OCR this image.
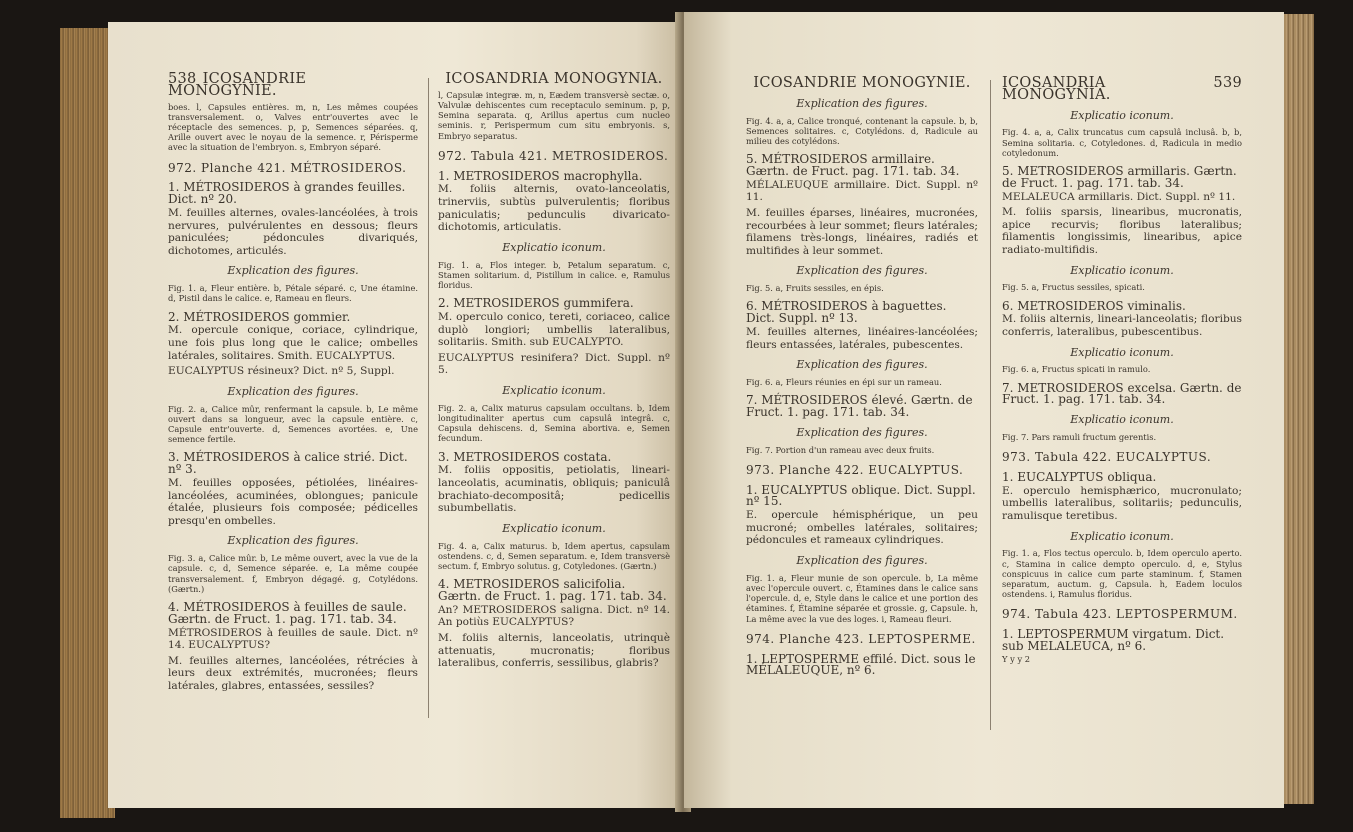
538 ICOSANDRIE MONOGYNIE.
boes. l, Capsules entières. m, n, Les mêmes coupées transversalement. o, Valves entr'ouvertes avec le réceptacle des semences. p, p, Semences séparées. q, Arille ouvert avec le noyau de la semence. r, Périsperme avec la situation de l'embryon. s, Embryon séparé.
972. Planche 421. MÉTROSIDEROS.
1. MÉTROSIDEROS à grandes feuilles. Dict. nº 20.
M. feuilles alternes, ovales-lancéolées, à trois nervures, pulvérulentes en dessous; fleurs paniculées; pédoncules divariqués, dichotomes, articulés.
Explication des figures.
Fig. 1. a, Fleur entière. b, Pétale séparé. c, Une étamine. d, Pistil dans le calice. e, Rameau en fleurs.
2. MÉTROSIDEROS gommier.
M. opercule conique, coriace, cylindrique, une fois plus long que le calice; ombelles latérales, solitaires. Smith. EUCALYPTUS.
EUCALYPTUS résineux? Dict. nº 5, Suppl.
Explication des figures.
Fig. 2. a, Calice mûr, renfermant la capsule. b, Le même ouvert dans sa longueur, avec la capsule entière. c, Capsule entr'ouverte. d, Semences avortées. e, Une semence fertile.
3. MÉTROSIDEROS à calice strié. Dict. nº 3.
M. feuilles opposées, pétiolées, linéaires-lancéolées, acuminées, oblongues; panicule étalée, plusieurs fois composée; pédicelles presqu'en ombelles.
Explication des figures.
Fig. 3. a, Calice mûr. b, Le même ouvert, avec la vue de la capsule. c, d, Semence séparée. e, La même coupée transversalement. f, Embryon dégagé. g, Cotylédons. (Gærtn.)
4. MÉTROSIDEROS à feuilles de saule. Gærtn. de Fruct. 1. pag. 171. tab. 34.
MÉTROSIDEROS à feuilles de saule. Dict. nº 14. EUCALYPTUS?
M. feuilles alternes, lancéolées, rétrécies à leurs deux extrémités, mucronées; fleurs latérales, glabres, entassées, sessiles?
ICOSANDRIA MONOGYNIA.
l, Capsulæ integræ. m, n, Eædem transversè sectæ. o, Valvulæ dehiscentes cum receptaculo seminum. p, p, Semina separata. q, Arillus apertus cum nucleo seminis. r, Perispermum cum situ embryonis. s, Embryo separatus.
972. Tabula 421. METROSIDEROS.
1. METROSIDEROS macrophylla.
M. foliis alternis, ovato-lanceolatis, trinerviis, subtùs pulverulentis; floribus paniculatis; pedunculis divaricato-dichotomis, articulatis.
Explicatio iconum.
Fig. 1. a, Flos integer. b, Petalum separatum. c, Stamen solitarium. d, Pistillum in calice. e, Ramulus floridus.
2. METROSIDEROS gummifera.
M. operculo conico, tereti, coriaceo, calice duplò longiori; umbellis lateralibus, solitariis. Smith. sub EUCALYPTO.
EUCALYPTUS resinifera? Dict. Suppl. nº 5.
Explicatio iconum.
Fig. 2. a, Calix maturus capsulam occultans. b, Idem longitudinaliter apertus cum capsulâ integrâ. c, Capsula dehiscens. d, Semina abortiva. e, Semen fecundum.
3. METROSIDEROS costata.
M. foliis oppositis, petiolatis, lineari-lanceolatis, acuminatis, obliquis; paniculâ brachiato-decompositâ; pedicellis subumbellatis.
Explicatio iconum.
Fig. 4. a, Calix maturus. b, Idem apertus, capsulam ostendens. c, d, Semen separatum. e, Idem transversè sectum. f, Embryo solutus. g, Cotyledones. (Gærtn.)
4. METROSIDEROS salicifolia. Gærtn. de Fruct. 1. pag. 171. tab. 34.
An? METROSIDEROS saligna. Dict. nº 14. An potiùs EUCALYPTUS?
M. foliis alternis, lanceolatis, utrinquè attenuatis, mucronatis; floribus lateralibus, conferris, sessilibus, glabris?
ICOSANDRIE MONOGYNIE.
Explication des figures.
Fig. 4. a, a, Calice tronqué, contenant la capsule. b, b, Semences solitaires. c, Cotylédons. d, Radicule au milieu des cotylédons.
5. MÉTROSIDEROS armillaire. Gærtn. de Fruct. pag. 171. tab. 34.
MÉLALEUQUE armillaire. Dict. Suppl. nº 11.
M. feuilles éparses, linéaires, mucronées, recourbées à leur sommet; fleurs latérales; filamens très-longs, linéaires, radiés et multifides à leur sommet.
Explication des figures.
Fig. 5. a, Fruits sessiles, en épis.
6. MÉTROSIDEROS à baguettes. Dict. Suppl. nº 13.
M. feuilles alternes, linéaires-lancéolées; fleurs entassées, latérales, pubescentes.
Explication des figures.
Fig. 6. a, Fleurs réunies en épi sur un rameau.
7. MÉTROSIDEROS élevé. Gærtn. de Fruct. 1. pag. 171. tab. 34.
Explication des figures.
Fig. 7. Portion d'un rameau avec deux fruits.
973. Planche 422. EUCALYPTUS.
1. EUCALYPTUS oblique. Dict. Suppl. nº 15.
E. opercule hémisphérique, un peu mucroné; ombelles latérales, solitaires; pédoncules et rameaux cylindriques.
Explication des figures.
Fig. 1. a, Fleur munie de son opercule. b, La même avec l'opercule ouvert. c, Étamines dans le calice sans l'opercule. d, e, Style dans le calice et une portion des étamines. f, Étamine séparée et grossie. g, Capsule. h, La même avec la vue des loges. i, Rameau fleuri.
974. Planche 423. LEPTOSPERME.
1. LEPTOSPERME effilé. Dict. sous le MÉLALEUQUE, nº 6.
ICOSANDRIA MONOGYNIA.
539
Explicatio iconum.
Fig. 4. a, a, Calix truncatus cum capsulâ inclusâ. b, b, Semina solitaria. c, Cotyledones. d, Radicula in medio cotyledonum.
5. METROSIDEROS armillaris. Gærtn. de Fruct. 1. pag. 171. tab. 34.
MELALEUCA armillaris. Dict. Suppl. nº 11.
M. foliis sparsis, linearibus, mucronatis, apice recurvis; floribus lateralibus; filamentis longissimis, linearibus, apice radiato-multifidis.
Explicatio iconum.
Fig. 5. a, Fructus sessiles, spicati.
6. METROSIDEROS viminalis.
M. foliis alternis, lineari-lanceolatis; floribus conferris, lateralibus, pubescentibus.
Explicatio iconum.
Fig. 6. a, Fructus spicati in ramulo.
7. METROSIDEROS excelsa. Gærtn. de Fruct. 1. pag. 171. tab. 34.
Explicatio iconum.
Fig. 7. Pars ramuli fructum gerentis.
973. Tabula 422. EUCALYPTUS.
1. EUCALYPTUS obliqua.
E. operculo hemisphærico, mucronulato; umbellis lateralibus, solitariis; pedunculis, ramulisque teretibus.
Explicatio iconum.
Fig. 1. a, Flos tectus operculo. b, Idem operculo aperto. c, Stamina in calice dempto operculo. d, e, Stylus conspicuus in calice cum parte staminum. f, Stamen separatum, auctum. g, Capsula. h, Eadem loculos ostendens. i, Ramulus floridus.
974. Tabula 423. LEPTOSPERMUM.
1. LEPTOSPERMUM virgatum. Dict. sub MELALEUCA, nº 6.
Y y y 2
